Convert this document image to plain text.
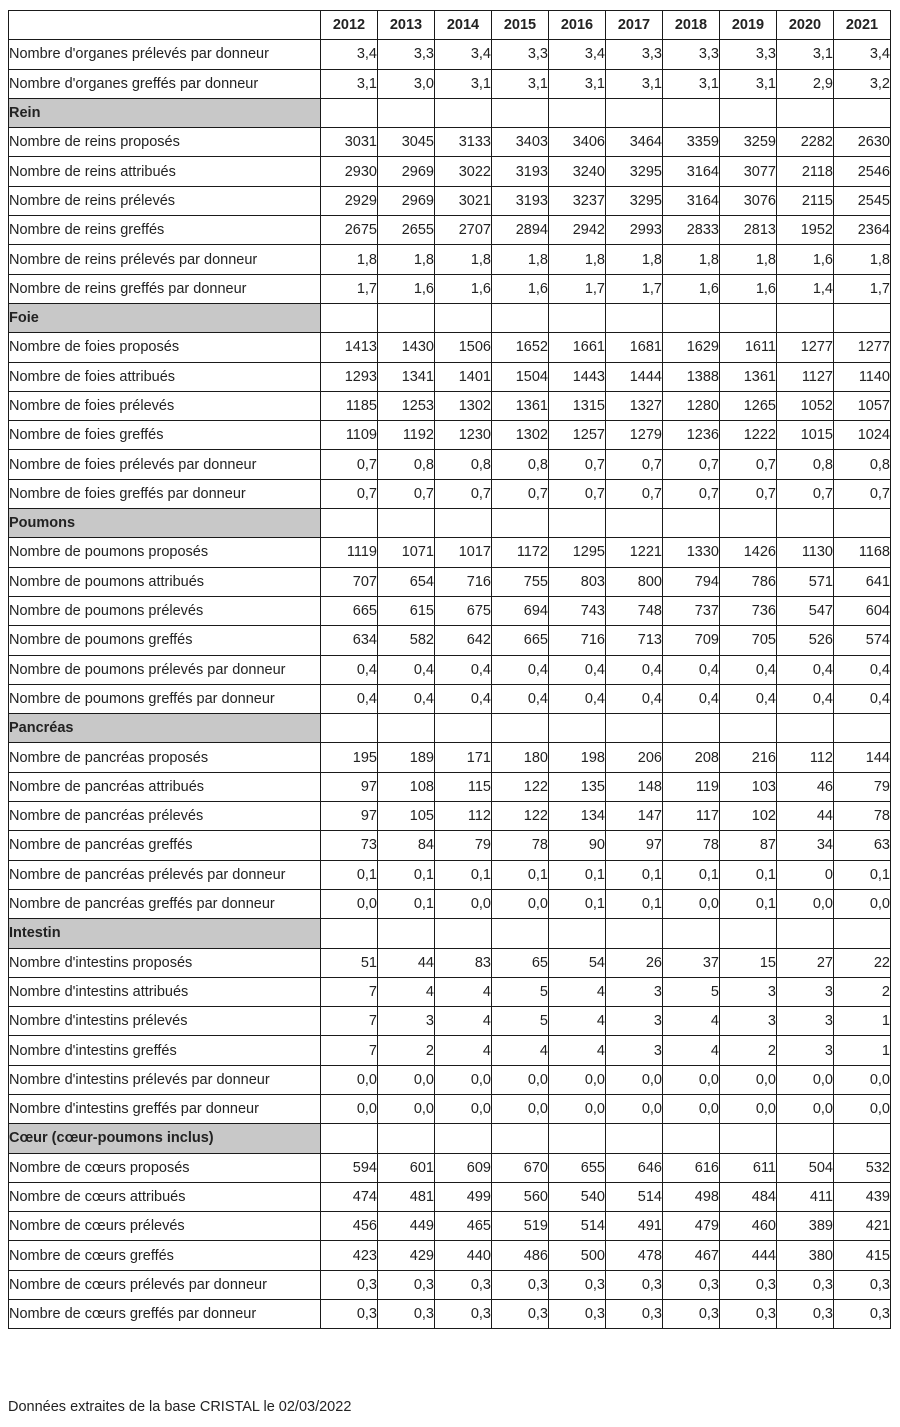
	2012	2013	2014	2015	2016	2017	2018	2019	2020	2021
Nombre d'organes prélevés par donneur	3,4	3,3	3,4	3,3	3,4	3,3	3,3	3,3	3,1	3,4
Nombre d'organes greffés par donneur	3,1	3,0	3,1	3,1	3,1	3,1	3,1	3,1	2,9	3,2
Rein										
Nombre de reins proposés	3031	3045	3133	3403	3406	3464	3359	3259	2282	2630
Nombre de reins attribués	2930	2969	3022	3193	3240	3295	3164	3077	2118	2546
Nombre de reins prélevés	2929	2969	3021	3193	3237	3295	3164	3076	2115	2545
Nombre de reins greffés	2675	2655	2707	2894	2942	2993	2833	2813	1952	2364
Nombre de reins prélevés par donneur	1,8	1,8	1,8	1,8	1,8	1,8	1,8	1,8	1,6	1,8
Nombre de reins greffés par donneur	1,7	1,6	1,6	1,6	1,7	1,7	1,6	1,6	1,4	1,7
Foie										
Nombre de foies proposés	1413	1430	1506	1652	1661	1681	1629	1611	1277	1277
Nombre de foies attribués	1293	1341	1401	1504	1443	1444	1388	1361	1127	1140
Nombre de foies prélevés	1185	1253	1302	1361	1315	1327	1280	1265	1052	1057
Nombre de foies greffés	1109	1192	1230	1302	1257	1279	1236	1222	1015	1024
Nombre de foies prélevés par donneur	0,7	0,8	0,8	0,8	0,7	0,7	0,7	0,7	0,8	0,8
Nombre de foies greffés par donneur	0,7	0,7	0,7	0,7	0,7	0,7	0,7	0,7	0,7	0,7
Poumons										
Nombre de poumons proposés	1119	1071	1017	1172	1295	1221	1330	1426	1130	1168
Nombre de poumons attribués	707	654	716	755	803	800	794	786	571	641
Nombre de poumons prélevés	665	615	675	694	743	748	737	736	547	604
Nombre de poumons greffés	634	582	642	665	716	713	709	705	526	574
Nombre de poumons prélevés par donneur	0,4	0,4	0,4	0,4	0,4	0,4	0,4	0,4	0,4	0,4
Nombre de poumons greffés par donneur	0,4	0,4	0,4	0,4	0,4	0,4	0,4	0,4	0,4	0,4
Pancréas										
Nombre de pancréas proposés	195	189	171	180	198	206	208	216	112	144
Nombre de pancréas attribués	97	108	115	122	135	148	119	103	46	79
Nombre de pancréas prélevés	97	105	112	122	134	147	117	102	44	78
Nombre de pancréas greffés	73	84	79	78	90	97	78	87	34	63
Nombre de pancréas prélevés par donneur	0,1	0,1	0,1	0,1	0,1	0,1	0,1	0,1	0	0,1
Nombre de pancréas greffés par donneur	0,0	0,1	0,0	0,0	0,1	0,1	0,0	0,1	0,0	0,0
Intestin										
Nombre d'intestins proposés	51	44	83	65	54	26	37	15	27	22
Nombre d'intestins attribués	7	4	4	5	4	3	5	3	3	2
Nombre d'intestins prélevés	7	3	4	5	4	3	4	3	3	1
Nombre d'intestins greffés	7	2	4	4	4	3	4	2	3	1
Nombre d'intestins prélevés par donneur	0,0	0,0	0,0	0,0	0,0	0,0	0,0	0,0	0,0	0,0
Nombre d'intestins greffés par donneur	0,0	0,0	0,0	0,0	0,0	0,0	0,0	0,0	0,0	0,0
Cœur (cœur-poumons inclus)										
Nombre de cœurs proposés	594	601	609	670	655	646	616	611	504	532
Nombre de cœurs attribués	474	481	499	560	540	514	498	484	411	439
Nombre de cœurs prélevés	456	449	465	519	514	491	479	460	389	421
Nombre de cœurs greffés	423	429	440	486	500	478	467	444	380	415
Nombre de cœurs prélevés par donneur	0,3	0,3	0,3	0,3	0,3	0,3	0,3	0,3	0,3	0,3
Nombre de cœurs greffés par donneur	0,3	0,3	0,3	0,3	0,3	0,3	0,3	0,3	0,3	0,3
Données extraites de la base CRISTAL le 02/03/2022
